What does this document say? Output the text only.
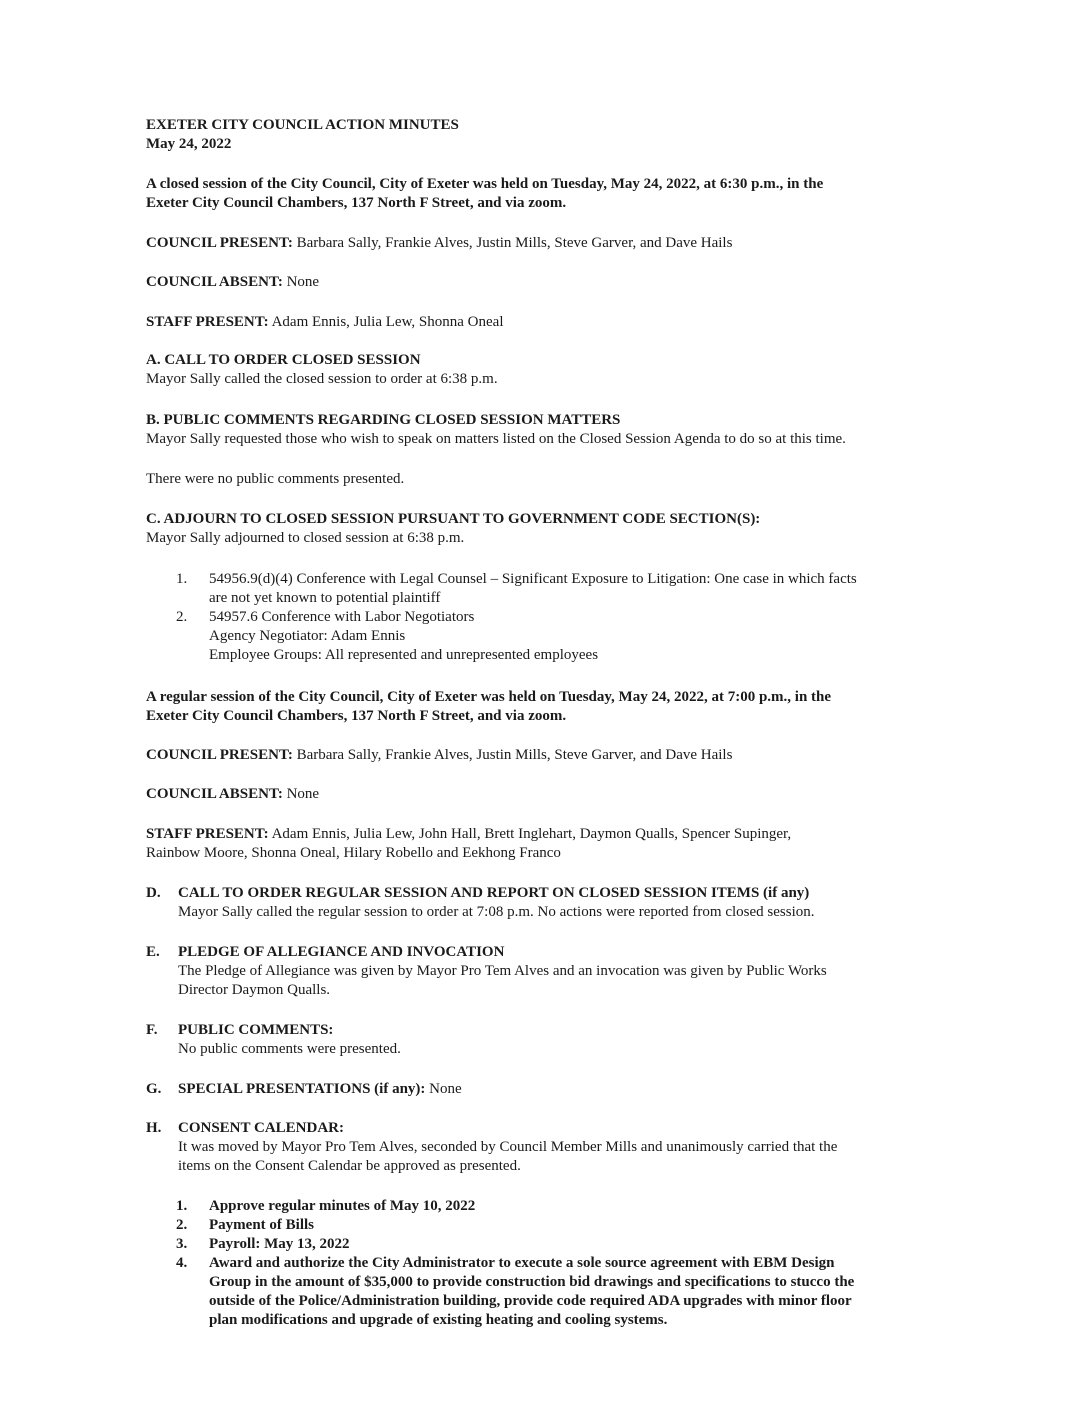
EXETER CITY COUNCIL ACTION MINUTES
May 24, 2022
A closed session of the City Council, City of Exeter was held on Tuesday, May 24, 2022, at 6:30 p.m., in the
Exeter City Council Chambers, 137 North F Street, and via zoom.
COUNCIL PRESENT: Barbara Sally, Frankie Alves, Justin Mills, Steve Garver, and Dave Hails
COUNCIL ABSENT: None
STAFF PRESENT: Adam Ennis, Julia Lew, Shonna Oneal
A. CALL TO ORDER CLOSED SESSION
Mayor Sally called the closed session to order at 6:38 p.m.
B. PUBLIC COMMENTS REGARDING CLOSED SESSION MATTERS
Mayor Sally requested those who wish to speak on matters listed on the Closed Session Agenda to do so at this time.
There were no public comments presented.
C. ADJOURN TO CLOSED SESSION PURSUANT TO GOVERNMENT CODE SECTION(S):
Mayor Sally adjourned to closed session at 6:38 p.m.
1.	54956.9(d)(4) Conference with Legal Counsel – Significant Exposure to Litigation: One case in which facts
are not yet known to potential plaintiff
2.	54957.6 Conference with Labor Negotiators
Agency Negotiator: Adam Ennis
Employee Groups: All represented and unrepresented employees
A regular session of the City Council, City of Exeter was held on Tuesday, May 24, 2022, at 7:00 p.m., in the
Exeter City Council Chambers, 137 North F Street, and via zoom.
COUNCIL PRESENT: Barbara Sally, Frankie Alves, Justin Mills, Steve Garver, and Dave Hails
COUNCIL ABSENT: None
STAFF PRESENT: Adam Ennis, Julia Lew, John Hall, Brett Inglehart, Daymon Qualls, Spencer Supinger,
Rainbow Moore, Shonna Oneal, Hilary Robello and Eekhong Franco
D. CALL TO ORDER REGULAR SESSION AND REPORT ON CLOSED SESSION ITEMS (if any)
Mayor Sally called the regular session to order at 7:08 p.m. No actions were reported from closed session.
E. PLEDGE OF ALLEGIANCE AND INVOCATION
The Pledge of Allegiance was given by Mayor Pro Tem Alves and an invocation was given by Public Works
Director Daymon Qualls.
F. PUBLIC COMMENTS:
No public comments were presented.
G. SPECIAL PRESENTATIONS (if any): None
H. CONSENT CALENDAR:
It was moved by Mayor Pro Tem Alves, seconded by Council Member Mills and unanimously carried that the
items on the Consent Calendar be approved as presented.
1.	Approve regular minutes of May 10, 2022
2.	Payment of Bills
3.	Payroll: May 13, 2022
4.	Award and authorize the City Administrator to execute a sole source agreement with EBM Design
Group in the amount of $35,000 to provide construction bid drawings and specifications to stucco the
outside of the Police/Administration building, provide code required ADA upgrades with minor floor
plan modifications and upgrade of existing heating and cooling systems.
